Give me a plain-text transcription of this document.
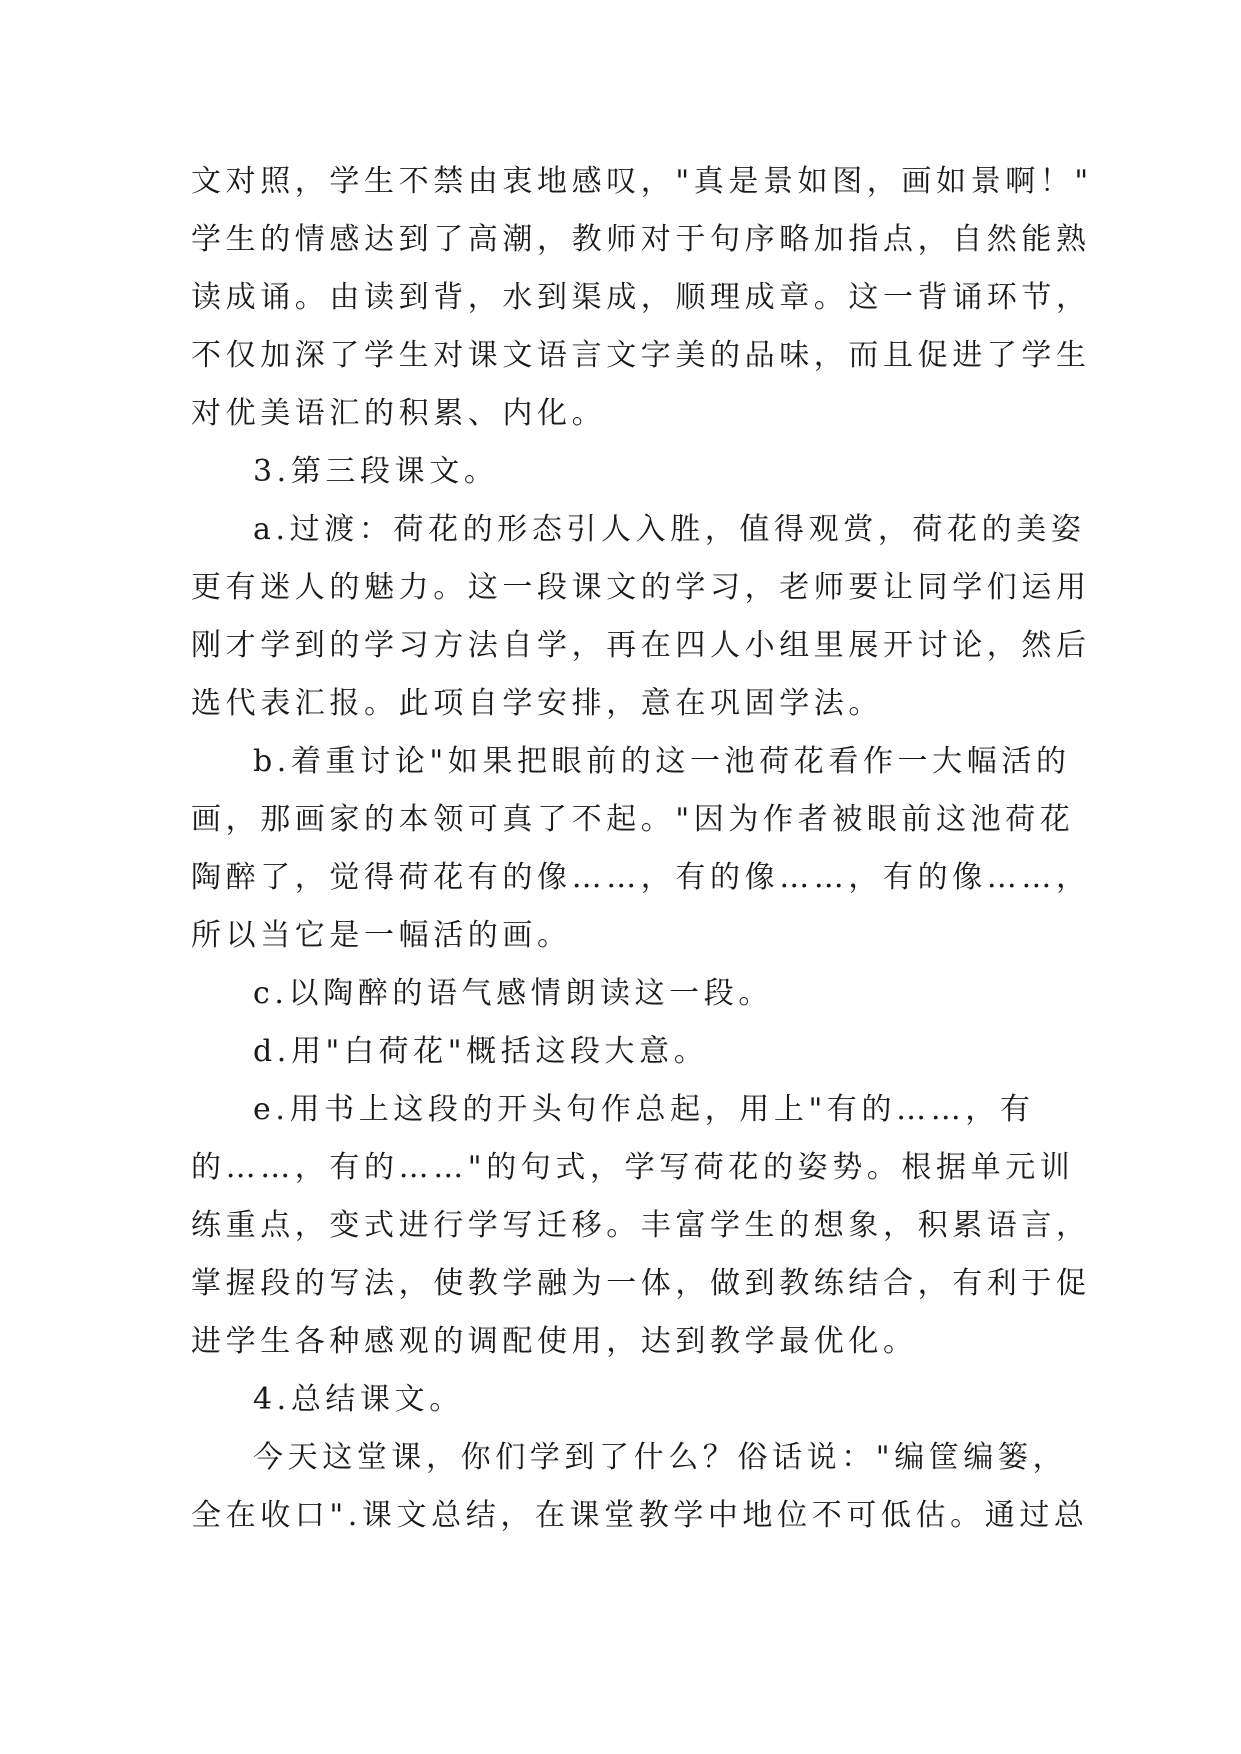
文对照，学生不禁由衷地感叹，"真是景如图，画如景啊！"
学生的情感达到了高潮，教师对于句序略加指点，自然能熟
读成诵。由读到背，水到渠成，顺理成章。这一背诵环节，
不仅加深了学生对课文语言文字美的品味，而且促进了学生
对优美语汇的积累、内化。
3.第三段课文。
a.过渡：荷花的形态引人入胜，值得观赏，荷花的美姿
更有迷人的魅力。这一段课文的学习，老师要让同学们运用
刚才学到的学习方法自学，再在四人小组里展开讨论，然后
选代表汇报。此项自学安排，意在巩固学法。
b.着重讨论"如果把眼前的这一池荷花看作一大幅活的
画，那画家的本领可真了不起。"因为作者被眼前这池荷花
陶醉了，觉得荷花有的像……，有的像……，有的像……，
所以当它是一幅活的画。
c.以陶醉的语气感情朗读这一段。
d.用"白荷花"概括这段大意。
e.用书上这段的开头句作总起，用上"有的……，有
的……，有的……"的句式，学写荷花的姿势。根据单元训
练重点，变式进行学写迁移。丰富学生的想象，积累语言，
掌握段的写法，使教学融为一体，做到教练结合，有利于促
进学生各种感观的调配使用，达到教学最优化。
4.总结课文。
今天这堂课，你们学到了什么？俗话说："编筐编篓，
全在收口".课文总结，在课堂教学中地位不可低估。通过总
